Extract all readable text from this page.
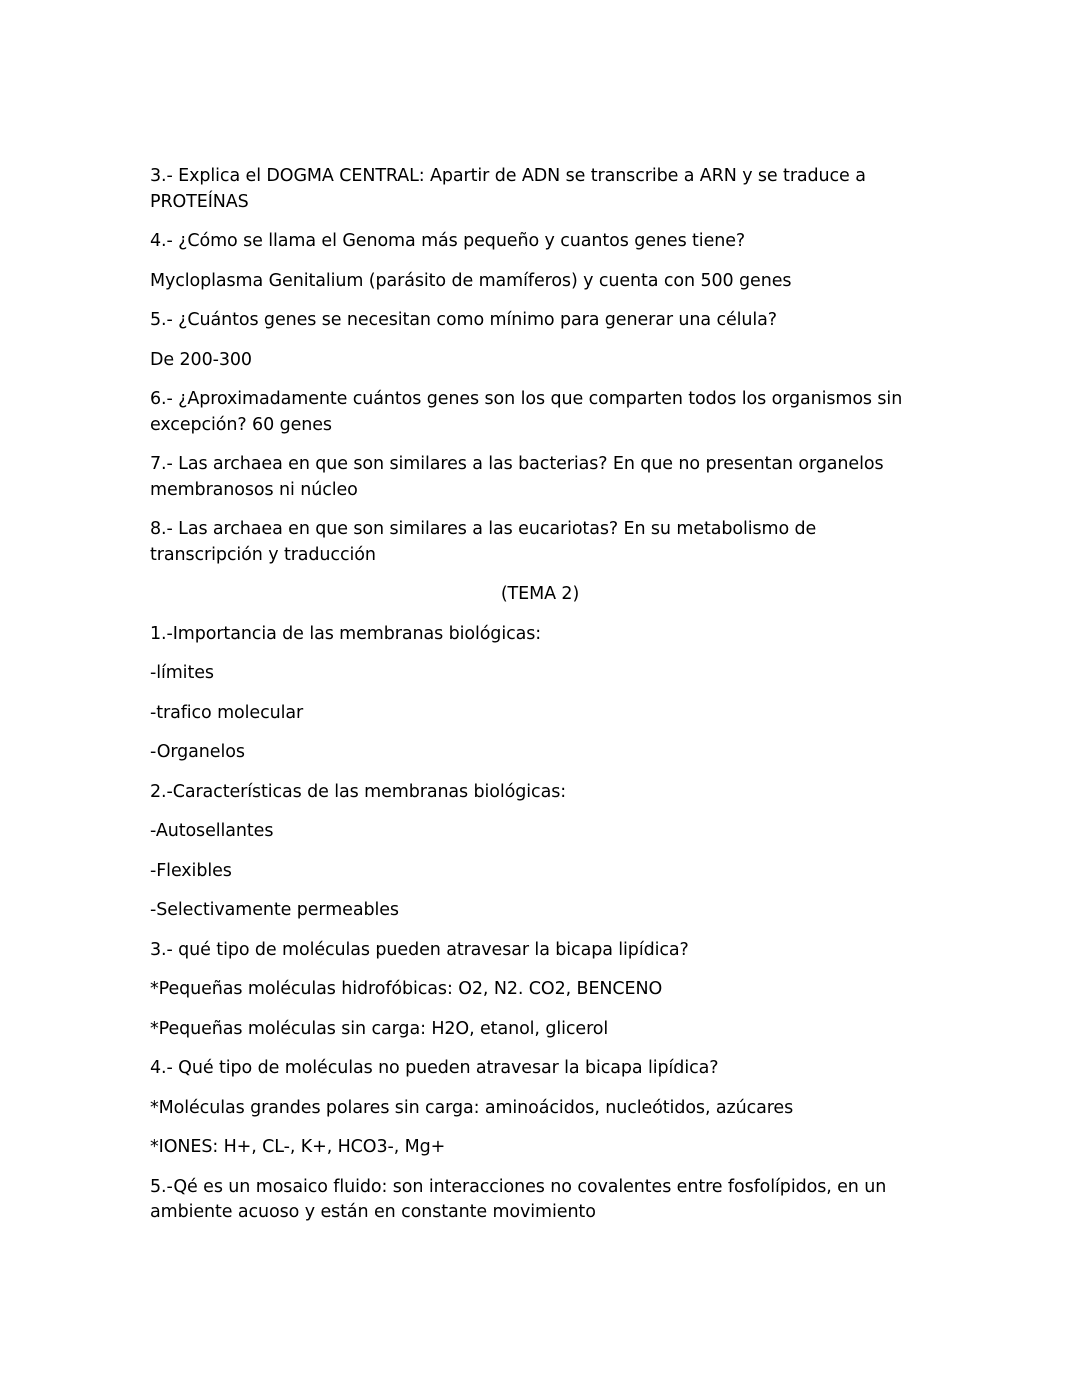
3.- Explica el DOGMA CENTRAL: Apartir de ADN se transcribe a ARN y se traduce a PROTEÍNAS

4.- ¿Cómo se llama el Genoma más pequeño y cuantos genes tiene?

Mycloplasma Genitalium (parásito de mamíferos) y cuenta con 500 genes

5.- ¿Cuántos genes se necesitan como mínimo para generar una célula?

De 200-300

6.- ¿Aproximadamente cuántos genes son los que comparten todos los organismos sin excepción? 60 genes

7.- Las archaea en que son similares a las bacterias? En que no presentan organelos membranosos ni núcleo

8.- Las archaea en que son similares a las eucariotas? En su metabolismo de transcripción y traducción

(TEMA 2)

1.-Importancia de las membranas biológicas:

-límites

-trafico molecular

-Organelos

2.-Características de las membranas biológicas:

-Autosellantes

-Flexibles

-Selectivamente permeables

3.- qué tipo de moléculas pueden atravesar la bicapa lipídica?

*Pequeñas moléculas hidrofóbicas: O2, N2. CO2, BENCENO

*Pequeñas moléculas sin carga: H2O, etanol, glicerol

4.- Qué tipo de moléculas no pueden atravesar la bicapa lipídica?

*Moléculas grandes polares sin carga: aminoácidos, nucleótidos, azúcares

*IONES: H+, CL-, K+, HCO3-, Mg+

5.-Qé es un mosaico fluido: son interacciones no covalentes entre fosfolípidos, en un ambiente acuoso y están en constante movimiento
